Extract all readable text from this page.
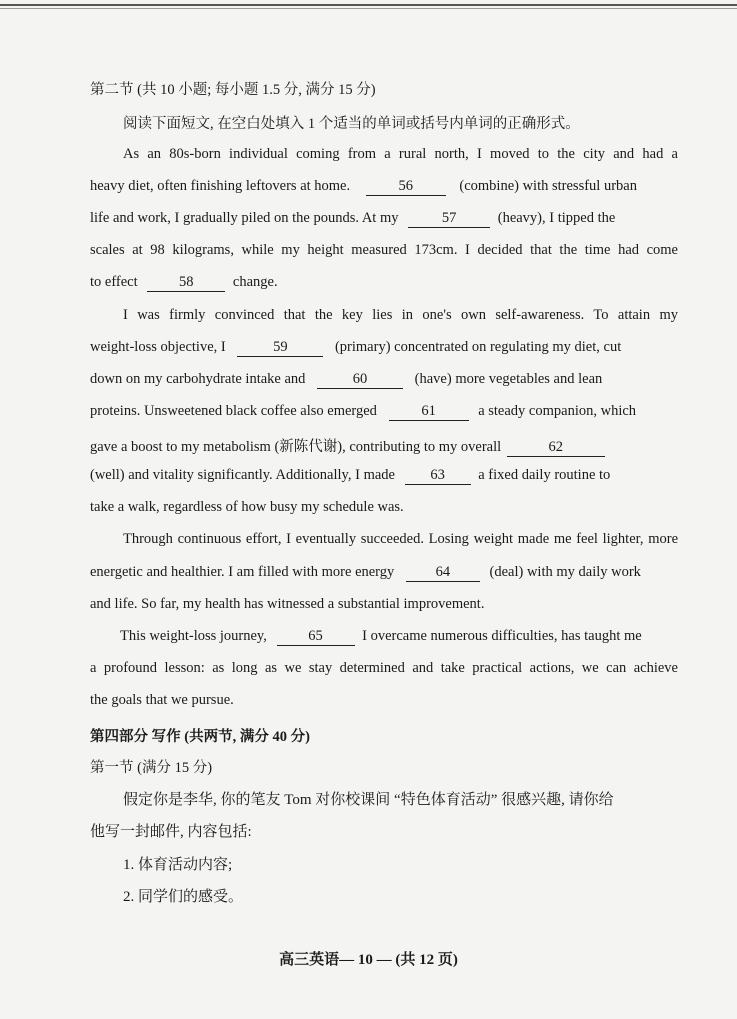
第二节 (共 10 小题; 每小题 1.5 分, 满分 15 分)
阅读下面短文, 在空白处填入 1 个适当的单词或括号内单词的正确形式。
As an 80s-born individual coming from a rural north, I moved to the city and had a
heavy diet, often finishing leftovers at home.	56	(combine) with stressful urban
life and work, I gradually piled on the pounds. At my	57	(heavy), I tipped the
scales at 98 kilograms, while my height measured 173cm. I decided that the time had come
to effect	58	change.
I was firmly convinced that the key lies in one's own self-awareness. To attain my
weight-loss objective, I	59	(primary) concentrated on regulating my diet, cut
down on my carbohydrate intake and	60	(have) more vegetables and lean
proteins. Unsweetened black coffee also emerged	61	a steady companion, which
gave a boost to my metabolism (新陈代谢), contributing to my overall	62
(well) and vitality significantly. Additionally, I made 63 a fixed daily routine to
take a walk, regardless of how busy my schedule was.
Through continuous effort, I eventually succeeded. Losing weight made me feel lighter, more
energetic and healthier. I am filled with more energy	64	(deal) with my daily work
and life. So far, my health has witnessed a substantial improvement.
This weight-loss journey,	65	I overcame numerous difficulties, has taught me
a profound lesson: as long as we stay determined and take practical actions, we can achieve
the goals that we pursue.
第四部分 写作 (共两节, 满分 40 分)
第一节 (满分 15 分)
假定你是李华, 你的笔友 Tom 对你校课间 “特色体育活动” 很感兴趣, 请你给
他写一封邮件, 内容包括:
1. 体育活动内容;
2. 同学们的感受。
高三英语— 10 — (共 12 页)
